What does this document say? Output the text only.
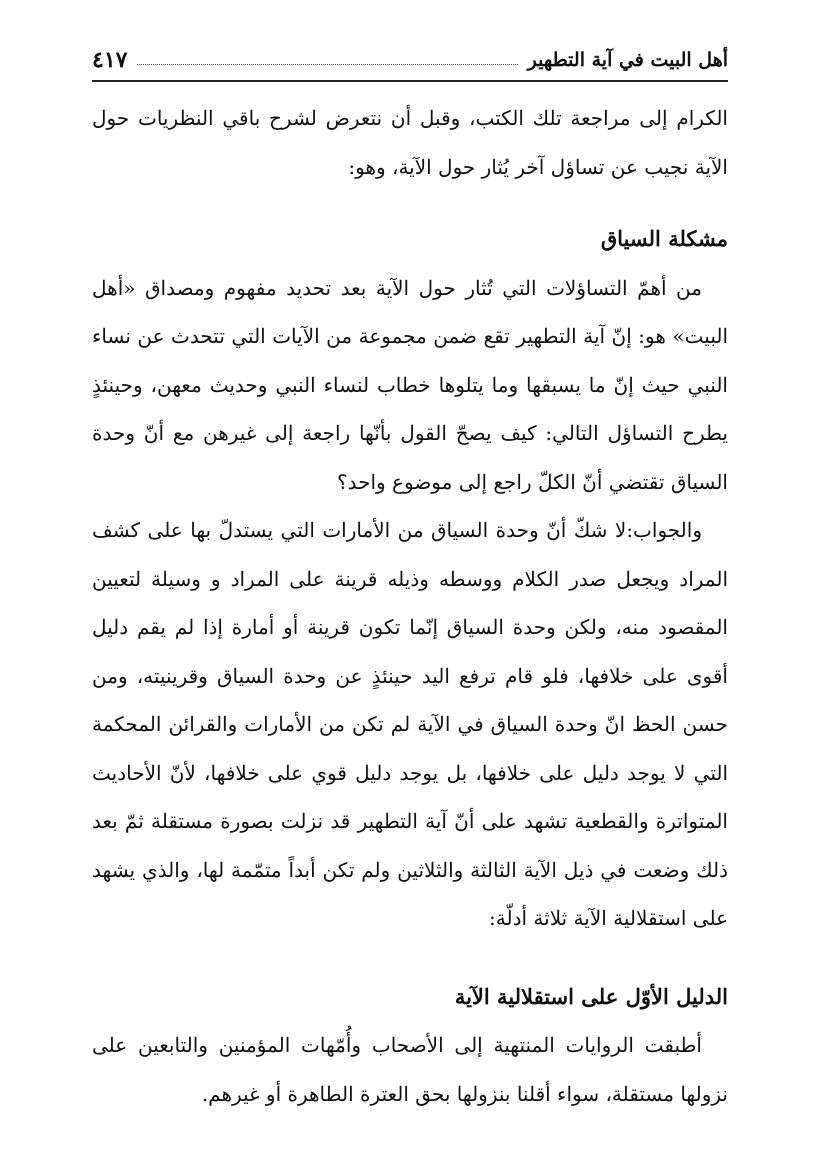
أهل البيت في آية التطهير
٤١٧

الكرام إلى مراجعة تلك الكتب، وقبل أن نتعرض لشرح باقي النظريات حول الآية نجيب عن تساؤل آخر يُثار حول الآية، وهو:

مشكلة السياق

من أهمّ التساؤلات التي تُثار حول الآية بعد تحديد مفهوم ومصداق «أهل البيت» هو: إنّ آية التطهير تقع ضمن مجموعة من الآيات التي تتحدث عن نساء النبي حيث إنّ ما يسبقها وما يتلوها خطاب لنساء النبي وحديث معهن، وحينئذٍ يطرح التساؤل التالي: كيف يصحّ القول بأنّها راجعة إلى غيرهن مع أنّ وحدة السياق تقتضي أنّ الكلّ راجع إلى موضوع واحد؟

والجواب:لا شكّ أنّ وحدة السياق من الأمارات التي يستدلّ بها على كشف المراد ويجعل صدر الكلام ووسطه وذيله قرينة على المراد و وسيلة لتعيين المقصود منه، ولكن وحدة السياق إنّما تكون قرينة أو أمارة إذا لم يقم دليل أقوى على خلافها، فلو قام ترفع اليد حينئذٍ عن وحدة السياق وقرينيته، ومن حسن الحظ انّ وحدة السياق في الآية لم تكن من الأمارات والقرائن المحكمة التي لا يوجد دليل على خلافها، بل يوجد دليل قوي على خلافها، لأنّ الأحاديث المتواترة والقطعية تشهد على أنّ آية التطهير قد نزلت بصورة مستقلة ثمّ بعد ذلك وضعت في ذيل الآية الثالثة والثلاثين ولم تكن أبداً متمّمة لها، والذي يشهد على استقلالية الآية ثلاثة أدلّة:

الدليل الأوّل على استقلالية الآية

أطبقت الروايات المنتهية إلى الأصحاب وأُمّهات المؤمنين والتابعين على نزولها مستقلة، سواء أقلنا بنزولها بحق العترة الطاهرة أو غيرهم.
